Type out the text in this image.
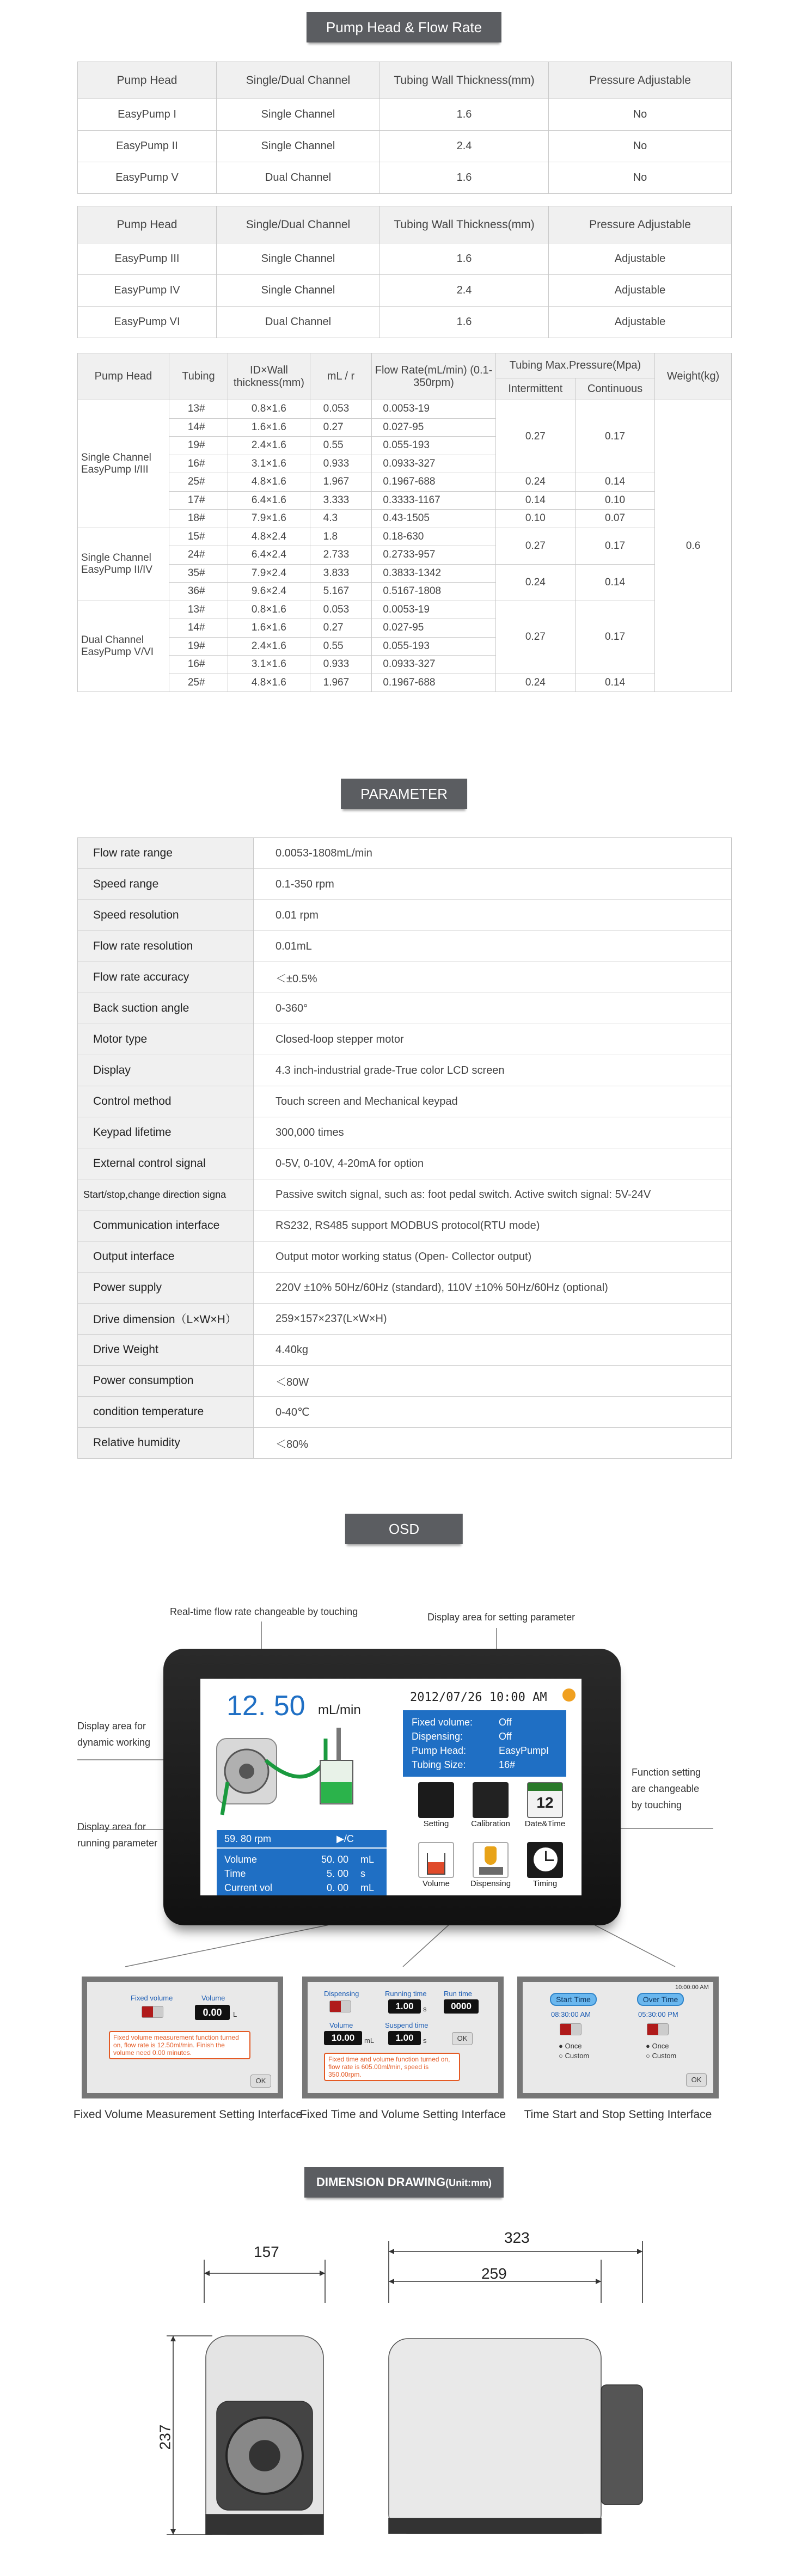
Pump Head & Flow Rate
Pump Head	Single/Dual Channel	Tubing Wall Thickness(mm)	Pressure Adjustable
EasyPump I	Single Channel	1.6	No
EasyPump II	Single Channel	2.4	No
EasyPump V	Dual Channel	1.6	No
Pump Head	Single/Dual Channel	Tubing Wall Thickness(mm)	Pressure Adjustable
EasyPump III	Single Channel	1.6	Adjustable
EasyPump IV	Single Channel	2.4	Adjustable
EasyPump VI	Dual Channel	1.6	Adjustable
Pump Head	Tubing	ID×Wall thickness(mm)	mL / r	Flow Rate(mL/min) (0.1-350rpm)	Tubing Max.Pressure(Mpa)		Weight(kg)
					Intermittent	Continuous	
Single Channel EasyPump I/III	13#	0.8×1.6	0.053	0.0053-19	0.27	0.17	0.6
	14#	1.6×1.6	0.27	0.027-95			
	19#	2.4×1.6	0.55	0.055-193			
	16#	3.1×1.6	0.933	0.0933-327			
	25#	4.8×1.6	1.967	0.1967-688	0.24	0.14	
	17#	6.4×1.6	3.333	0.3333-1167	0.14	0.10	
	18#	7.9×1.6	4.3	0.43-1505	0.10	0.07	
Single Channel EasyPump II/IV	15#	4.8×2.4	1.8	0.18-630	0.27	0.17	
	24#	6.4×2.4	2.733	0.2733-957			
	35#	7.9×2.4	3.833	0.3833-1342	0.24	0.14	
	36#	9.6×2.4	5.167	0.5167-1808			
Dual Channel EasyPump V/VI	13#	0.8×1.6	0.053	0.0053-19	0.27	0.17	
	14#	1.6×1.6	0.27	0.027-95			
	19#	2.4×1.6	0.55	0.055-193			
	16#	3.1×1.6	0.933	0.0933-327			
	25#	4.8×1.6	1.967	0.1967-688	0.24	0.14	
PARAMETER
Flow rate range	0.0053-1808mL/min
Speed range	0.1-350 rpm
Speed resolution	0.01 rpm
Flow rate resolution	0.01mL
Flow rate accuracy	＜±0.5%
Back suction angle	0-360°
Motor type	Closed-loop stepper motor
Display	4.3 inch-industrial grade-True color LCD screen
Control method	Touch screen and Mechanical keypad
Keypad lifetime	300,000 times
External control signal	0-5V, 0-10V, 4-20mA for option
Start/stop,change direction signa	Passive switch signal, such as: foot pedal switch. Active switch signal: 5V-24V
Communication interface	RS232, RS485 support MODBUS protocol(RTU mode)
Output interface	Output motor working status (Open- Collector output)
Power supply	220V ±10% 50Hz/60Hz (standard), 110V ±10% 50Hz/60Hz (optional)
Drive dimension（L×W×H）	259×157×237(L×W×H)
Drive Weight	4.40kg
Power consumption	＜80W
condition temperature	0-40℃
Relative humidity	＜80%
OSD
Real-time flow rate changeable by touching	Display area for setting parameter
Display area for
dynamic working
Display area for
running parameter
Function setting
are changeable
by touching
12. 50 mL/min
2012/07/26 10:00 AM
Fixed volume:	Off
Dispensing:	Off
Pump Head:	EasyPumpI
Tubing Size:	16#
59. 80 rpm	▶/C
Volume	50. 00 mL
Time	5. 00 s
Current vol	0. 00 mL
Setting	Calibration
12
Date&Time
Volume	Dispensing	Timing
Fixed volume	Volume
0.00	L
Fixed volume measurement function turned on, flow rate is 12.50ml/min. Finish the volume need 0.00 minutes.
OK
Fixed Volume Measurement Setting Interface
Dispensing	Running time Run time
1.00	s	0000
Volume	Suspend time
10.00	mL	1.00	s	OK
Fixed time and volume function turned on, flow rate is 605.00ml/min, speed is 350.00rpm.
Fixed Time and Volume Setting Interface
10:00:00 AM
Start Time	Over Time
08:30:00 AM	05:30:00 PM
● Once
○ Custom
● Once
○ Custom
OK
Time Start and Stop Setting Interface
DIMENSION DRAWING(Unit:mm)
157
237
259
323
